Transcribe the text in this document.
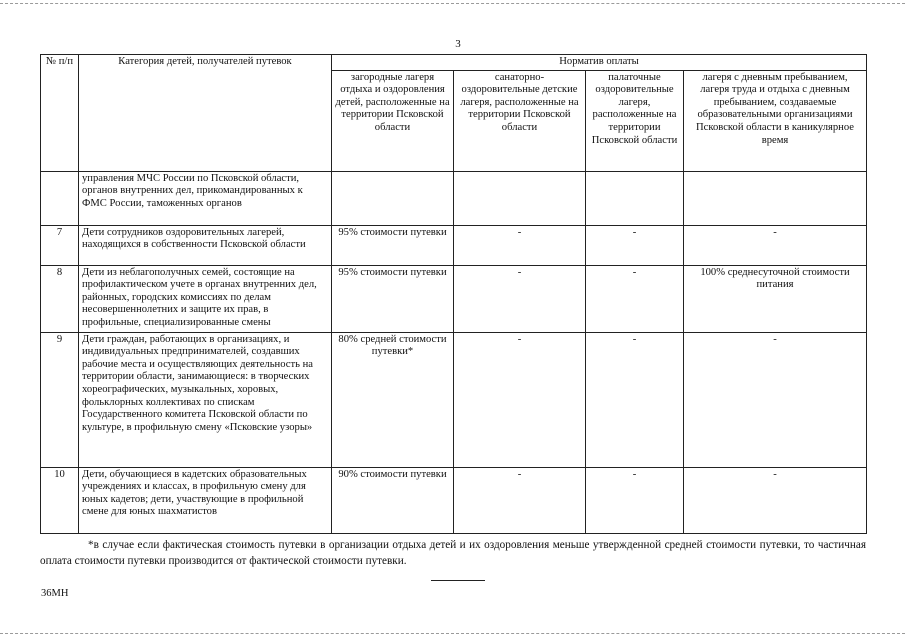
3
№ п/п	Категория детей, получателей путевок	Норматив оплаты			
		загородные лагеря отдыха и оздоровления детей, расположенные на территории Псковской области	санаторно-оздоровительные детские лагеря, расположенные на территории Псковской области	палаточные оздоровительные лагеря, расположенные на территории Псковской области	лагеря с дневным пребыванием, лагеря труда и отдыха с дневным пребыванием, создаваемые образовательными организациями Псковской области в каникулярное время
	управления МЧС России по Псковской области, органов внутренних дел, прикомандированных к ФМС России, таможенных органов				
7	Дети сотрудников оздоровительных лагерей, находящихся в собственности Псковской области	95% стоимости путевки	-	-	-
8	Дети из неблагополучных семей, состоящие на профилактическом учете в органах внутренних дел, районных, городских комиссиях по делам несовершеннолетних и защите их прав, в профильные, специализированные смены	95% стоимости путевки	-	-	100% среднесуточной стоимости питания
9	Дети граждан, работающих в организациях, и индивидуальных предпринимателей, создавших рабочие места и осуществляющих деятельность на территории области, занимающиеся: в творческих хореографических, музыкальных, хоровых, фольклорных коллективах по спискам Государственного комитета Псковской области по культуре, в профильную смену «Псковские узоры»	80% средней стоимости путевки*	-	-	-
10	Дети, обучающиеся в кадетских образовательных учреждениях и классах, в профильную смену для юных кадетов; дети, участвующие в профильной смене для юных шахматистов	90% стоимости путевки	-	-	-
*в случае если фактическая стоимость путевки в организации отдыха детей и их оздоровления меньше утвержденной средней стоимости путевки, то частичная оплата стоимости путевки производится от фактической стоимости путевки.
36МН
